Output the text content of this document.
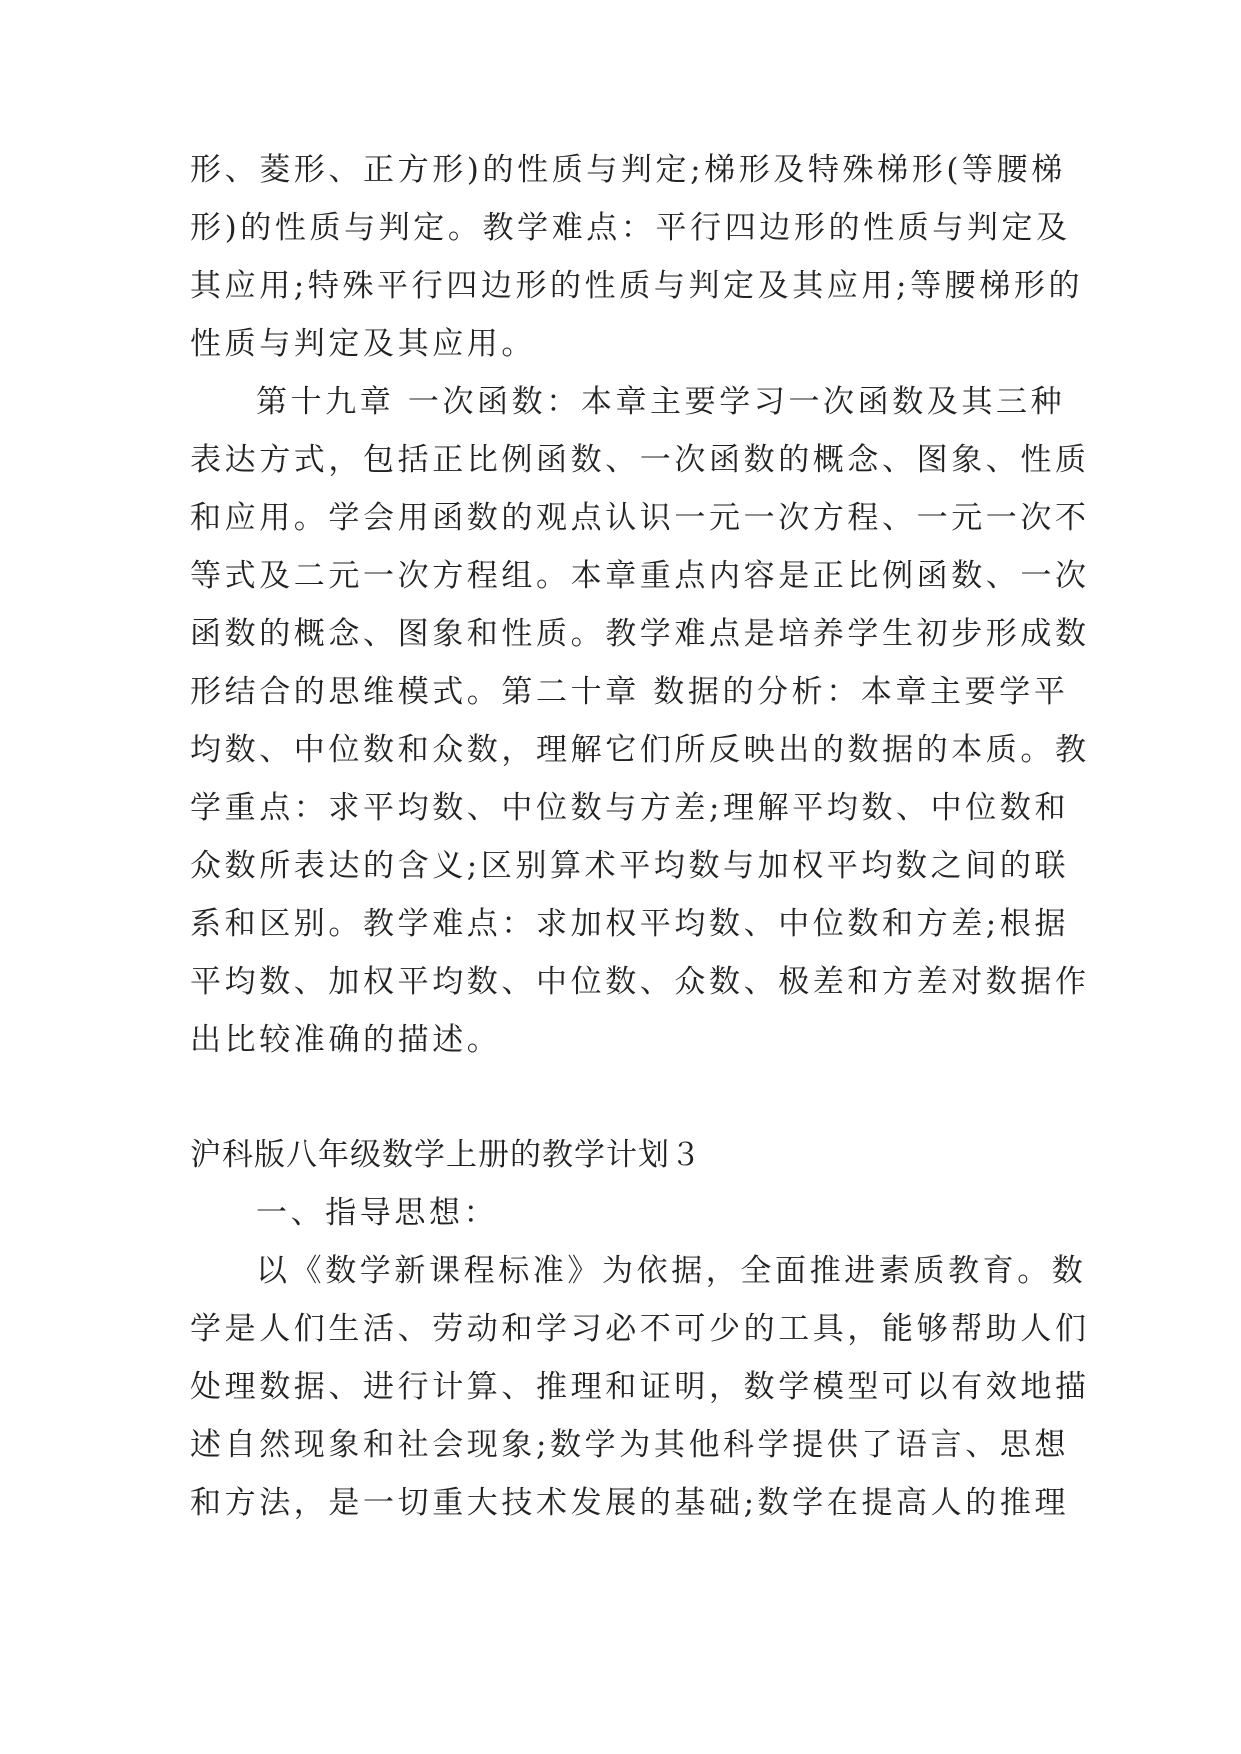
形、菱形、正方形)的性质与判定;梯形及特殊梯形(等腰梯
形)的性质与判定。教学难点：平行四边形的性质与判定及
其应用;特殊平行四边形的性质与判定及其应用;等腰梯形的
性质与判定及其应用。
第十九章 一次函数：本章主要学习一次函数及其三种
表达方式，包括正比例函数、一次函数的概念、图象、性质
和应用。学会用函数的观点认识一元一次方程、一元一次不
等式及二元一次方程组。本章重点内容是正比例函数、一次
函数的概念、图象和性质。教学难点是培养学生初步形成数
形结合的思维模式。第二十章 数据的分析：本章主要学平
均数、中位数和众数，理解它们所反映出的数据的本质。教
学重点：求平均数、中位数与方差;理解平均数、中位数和
众数所表达的含义;区别算术平均数与加权平均数之间的联
系和区别。教学难点：求加权平均数、中位数和方差;根据
平均数、加权平均数、中位数、众数、极差和方差对数据作
出比较准确的描述。
沪科版八年级数学上册的教学计划３
一、指导思想：
以《数学新课程标准》为依据，全面推进素质教育。数
学是人们生活、劳动和学习必不可少的工具，能够帮助人们
处理数据、进行计算、推理和证明，数学模型可以有效地描
述自然现象和社会现象;数学为其他科学提供了语言、思想
和方法，是一切重大技术发展的基础;数学在提高人的推理
